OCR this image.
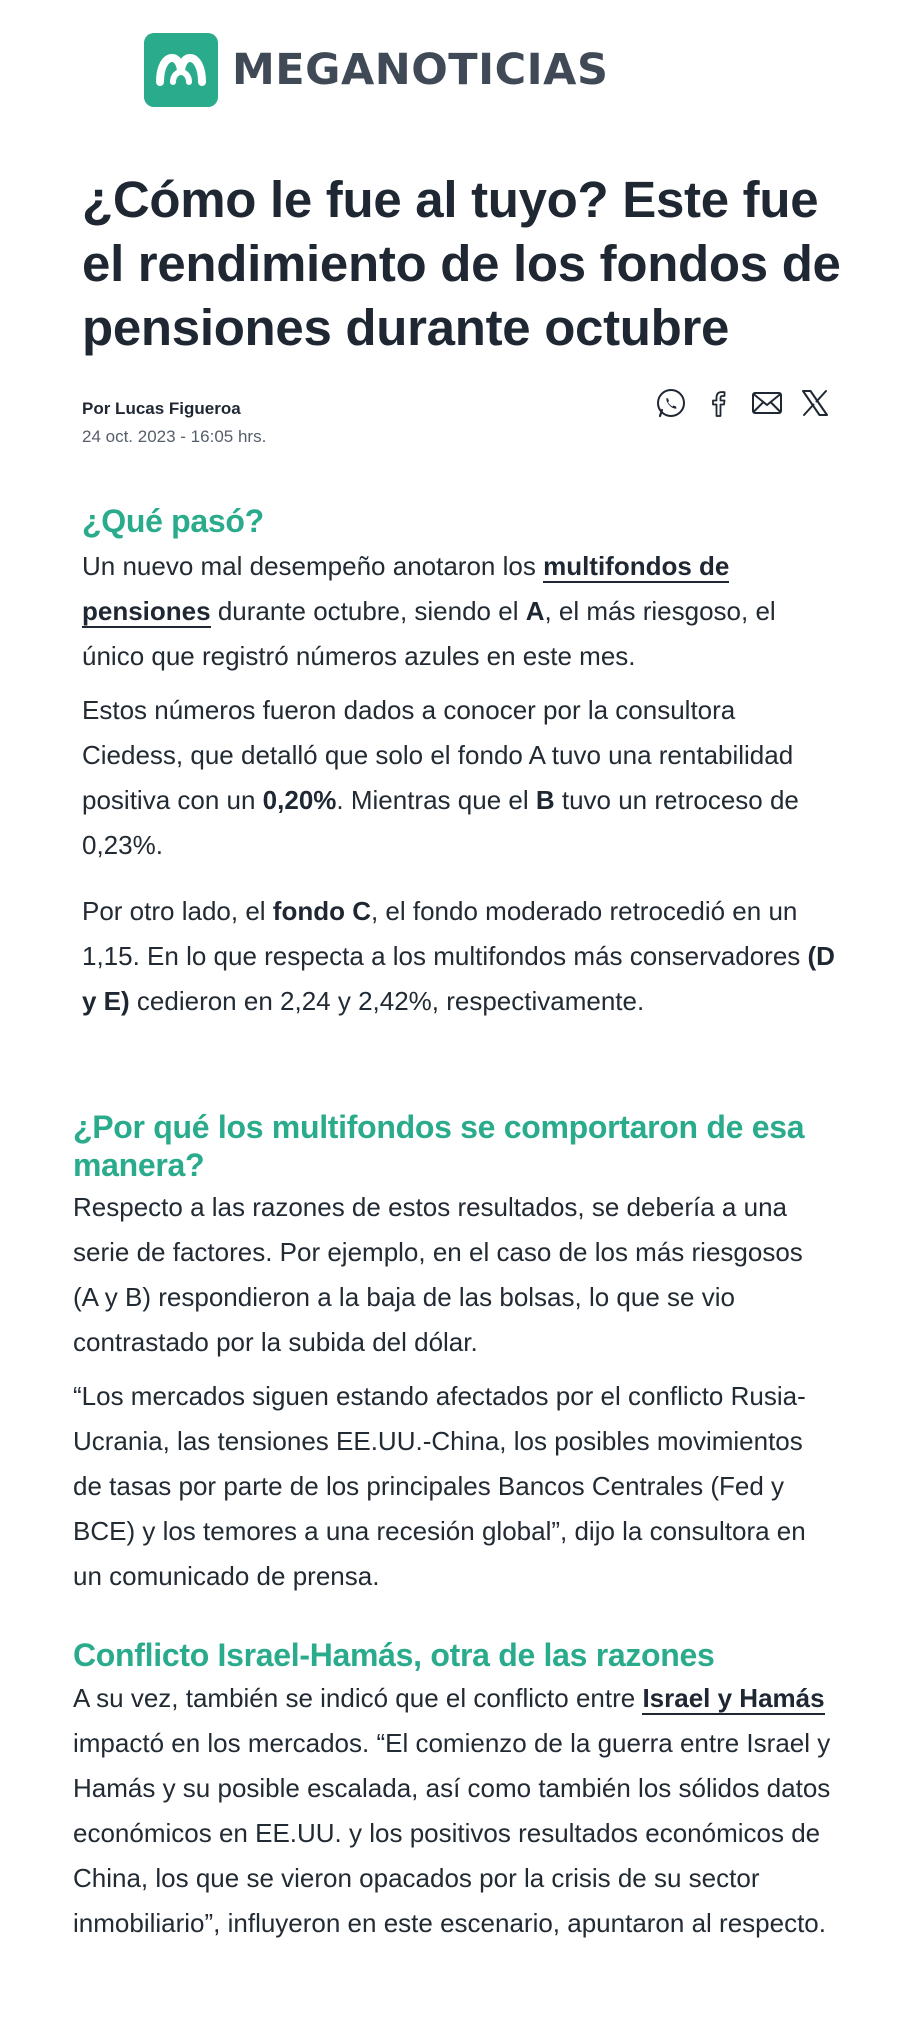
MEGANOTICIAS
¿Cómo le fue al tuyo? Este fue el rendimiento de los fondos de pensiones durante octubre
Por Lucas Figueroa
24 oct. 2023 - 16:05 hrs.
¿Qué pasó?

Un nuevo mal desempeño anotaron los multifondos de pensiones durante octubre, siendo el A, el más riesgoso, el único que registró números azules en este mes.

Estos números fueron dados a conocer por la consultora Ciedess, que detalló que solo el fondo A tuvo una rentabilidad positiva con un 0,20%. Mientras que el B tuvo un retroceso de 0,23%.

Por otro lado, el fondo C, el fondo moderado retrocedió en un 1,15. En lo que respecta a los multifondos más conservadores (D y E) cedieron en 2,24 y 2,42%, respectivamente.

¿Por qué los multifondos se comportaron de esa manera?

Respecto a las razones de estos resultados, se debería a una serie de factores. Por ejemplo, en el caso de los más riesgosos (A y B) respondieron a la baja de las bolsas, lo que se vio contrastado por la subida del dólar.

“Los mercados siguen estando afectados por el conflicto Rusia-Ucrania, las tensiones EE.UU.-China, los posibles movimientos de tasas por parte de los principales Bancos Centrales (Fed y BCE) y los temores a una recesión global”, dijo la consultora en un comunicado de prensa.

Conflicto Israel-Hamás, otra de las razones

A su vez, también se indicó que el conflicto entre Israel y Hamás impactó en los mercados. “El comienzo de la guerra entre Israel y Hamás y su posible escalada, así como también los sólidos datos económicos en EE.UU. y los positivos resultados económicos de China, los que se vieron opacados por la crisis de su sector inmobiliario”, influyeron en este escenario, apuntaron al respecto.
